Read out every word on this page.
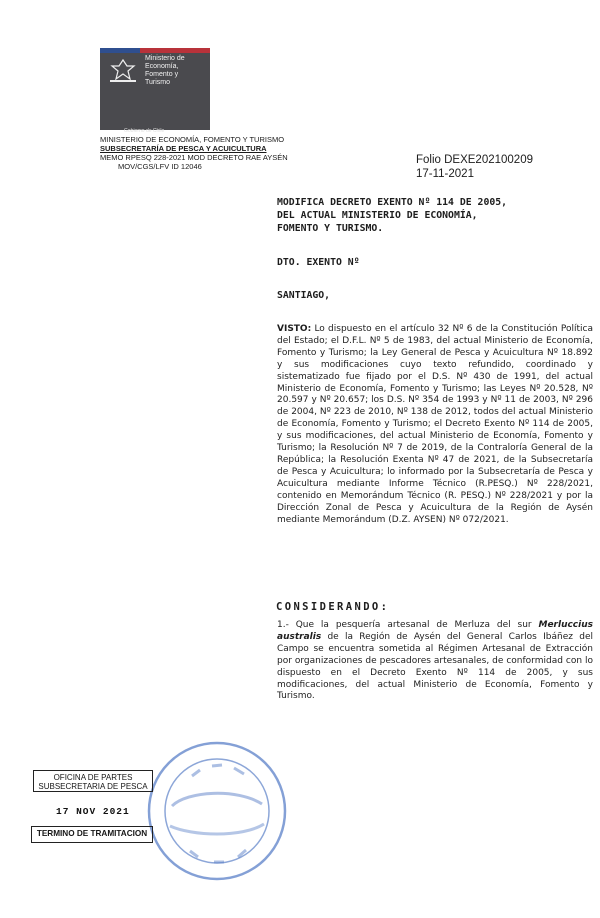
Ministerio de
Economía,
Fomento y
Turismo
Gobierno de Chile
MINISTERIO DE ECONOMÍA, FOMENTO Y TURISMO
SUBSECRETARÍA DE PESCA Y ACUICULTURA
MEMO RPESQ 228-2021 MOD DECRETO RAE AYSÉN
MOV/CGS/LFV ID 12046
Folio DEXE202100209
17-11-2021
MODIFICA DECRETO EXENTO Nº 114 DE 2005,
DEL ACTUAL MINISTERIO DE ECONOMÍA,
FOMENTO Y TURISMO.
DTO. EXENTO Nº
SANTIAGO,
VISTO: Lo dispuesto en el artículo 32 Nº 6 de la Constitución Política del Estado; el D.F.L. Nº 5 de 1983, del actual Ministerio de Economía, Fomento y Turismo; la Ley General de Pesca y Acuicultura Nº 18.892 y sus modificaciones cuyo texto refundido, coordinado y sistematizado fue fijado por el D.S. Nº 430 de 1991, del actual Ministerio de Economía, Fomento y Turismo; las Leyes Nº 20.528, Nº 20.597 y Nº 20.657; los D.S. Nº 354 de 1993 y Nº 11 de 2003, Nº 296 de 2004, Nº 223 de 2010, Nº 138 de 2012, todos del actual Ministerio de Economía, Fomento y Turismo; el Decreto Exento Nº 114 de 2005, y sus modificaciones, del actual Ministerio de Economía, Fomento y Turismo; la Resolución Nº 7 de 2019, de la Contraloría General de la República; la Resolución Exenta Nº 47 de 2021, de la Subsecretaría de Pesca y Acuicultura; lo informado por la Subsecretaría de Pesca y Acuicultura mediante Informe Técnico (R.PESQ.) Nº 228/2021, contenido en Memorándum Técnico (R. PESQ.) Nº 228/2021 y por la Dirección Zonal de Pesca y Acuicultura de la Región de Aysén mediante Memorándum (D.Z. AYSEN) Nº 072/2021.
CONSIDERANDO:
1.- Que la pesquería artesanal de Merluza del sur Merluccius australis de la Región de Aysén del General Carlos Ibáñez del Campo se encuentra sometida al Régimen Artesanal de Extracción por organizaciones de pescadores artesanales, de conformidad con lo dispuesto en el Decreto Exento Nº 114 de 2005, y sus modificaciones, del actual Ministerio de Economía, Fomento y Turismo.
OFICINA DE PARTES
SUBSECRETARIA DE PESCA
17 NOV 2021
TERMINO DE TRAMITACION
